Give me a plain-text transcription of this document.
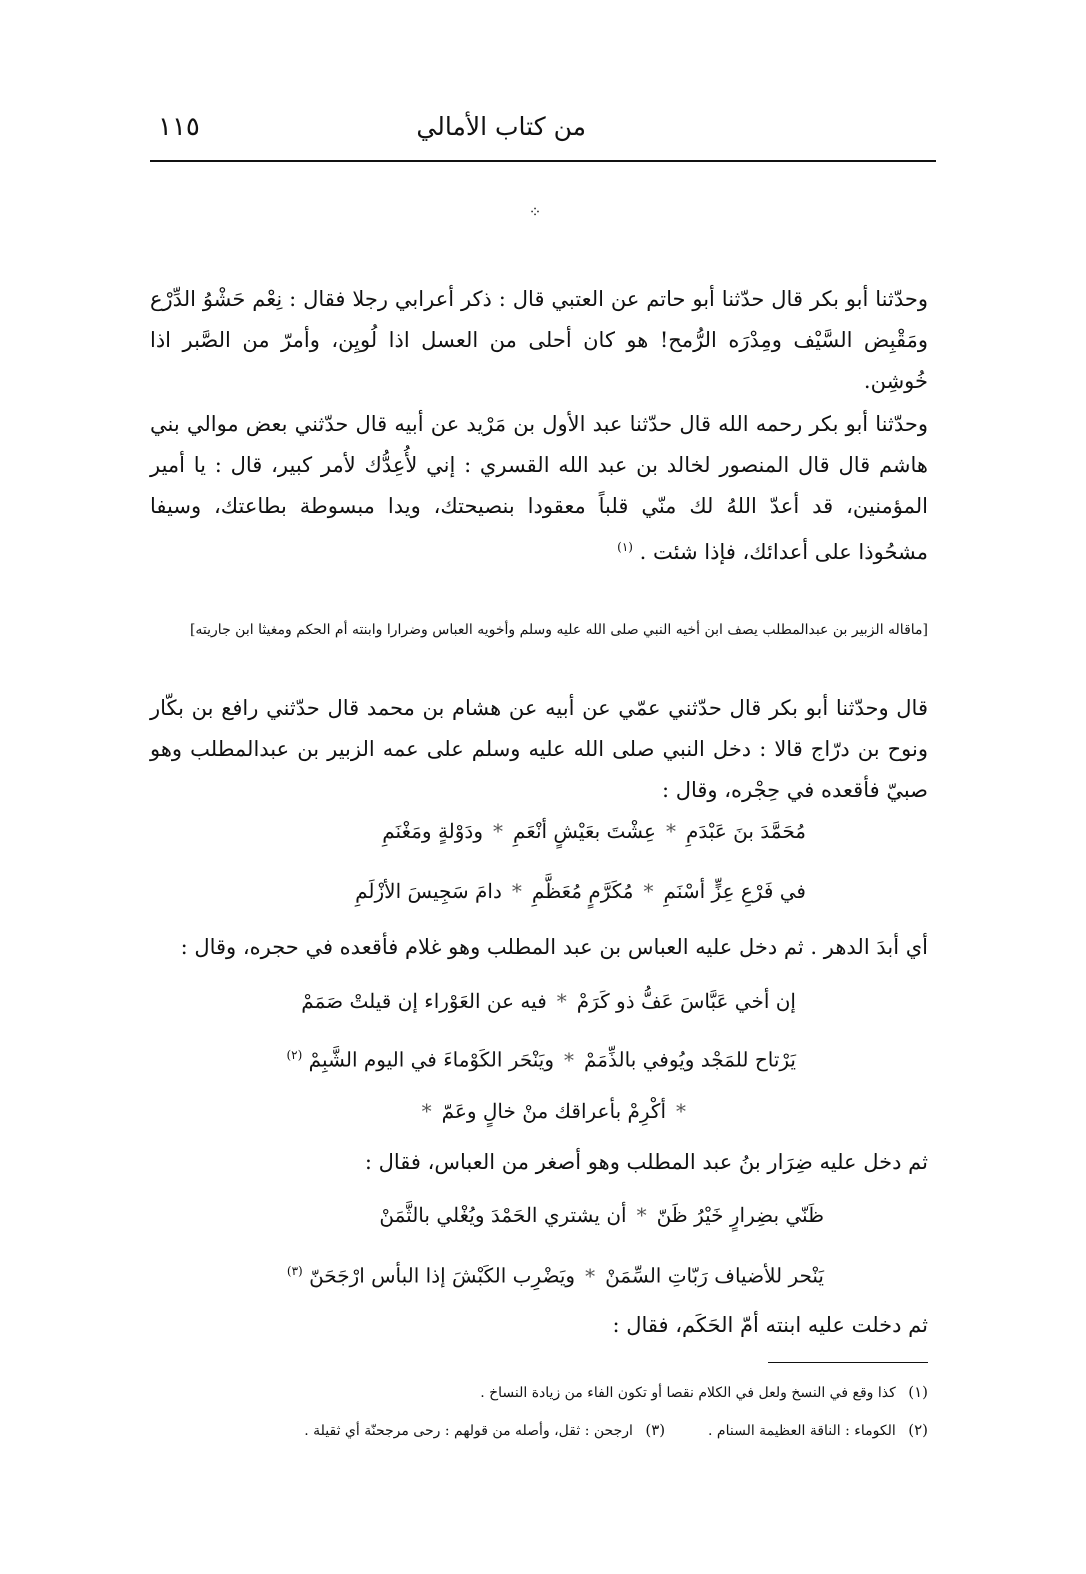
من كتاب الأمالي
١١٥
⁘

وحدّثنا أبو بكر قال حدّثنا أبو حاتم عن العتبي قال : ذكر أعرابي رجلا فقال : نِعْم حَشْوُ الدِّرْع ومَقْبِض السَّيْف ومِدْرَه الرُّمح! هو كان أحلى من العسل اذا لُويِن، وأمرّ من الصَّبر اذا خُوشِن.

وحدّثنا أبو بكر رحمه الله قال حدّثنا عبد الأول بن مَرْيد عن أبيه قال حدّثني بعض موالي بني هاشم قال قال المنصور لخالد بن عبد الله القسري : إني لأُعِدُّك لأمر كبير، قال : يا أمير المؤمنين، قد أعدّ اللهُ لك منّي قلباً معقودا بنصيحتك، ويدا مبسوطة بطاعتك، وسيفا مشحُوذا على أعدائك، فإذا شئت . $^{(١)}$

[ماقاله الزبير بن عبدالمطلب يصف ابن أخيه النبي صلى الله عليه وسلم وأخويه العباس وضرارا وابنته أم الحكم ومغيثا ابن جاريته]

قال وحدّثنا أبو بكر قال حدّثني عمّي عن أبيه عن هشام بن محمد قال حدّثني رافع بن بكّار ونوح بن درّاج قالا : دخل النبي صلى الله عليه وسلم على عمه الزبير بن عبدالمطلب وهو صبيّ فأقعده في حِجْره، وقال :

مُحَمَّدَ بنَ عَبْدَمِ*عِشْتَ بعَيْشٍ أنْعَمِ*ودَوْلةٍ ومَغْنَمِ
في فَرْعِ عِزٍّ أسْنَمِ*مُكَرَّمٍ مُعَظَّمِ*دامَ سَجِيسَ الأزْلَمِ
أي أبدَ الدهر . ثم دخل عليه العباس بن عبد المطلب وهو غلام فأقعده في حجره، وقال :
إن أخي عَبَّاسَ عَفُّ ذو كَرَمْ*فيه عن العَوْراء إن قيلتْ صَمَمْ
يَرْتاح للمَجْد ويُوفي بالذِّمَمْ*ويَنْحَر الكَوْماءَ في اليوم الشَّبِمْ $^{(٢)}$
*أكْرِمْ بأعراقك منْ خالٍ وعَمّ*
ثم دخل عليه ضِرَار بنُ عبد المطلب وهو أصغر من العباس، فقال :
ظَنّي بضِرارٍ خَيْرُ ظَنّ*أن يشتري الحَمْدَ ويُغْلي بالثَّمَنْ
يَنْحر للأضياف رَبّاتِ السِّمَنْ*ويَضْرِب الكَبْشَ إذا البأس ارْجَحَنّ $^{(٣)}$
ثم دخلت عليه ابنته أمّ الحَكَم، فقال :
(١) كذا وقع في النسخ ولعل في الكلام نقصا أو تكون الفاء من زيادة النساخ .
(٢) الكوماء : الناقة العظيمة السنام .  (٣) ارجحن : ثقل، وأصله من قولهم : رحى مرجحنّة أي ثقيلة .
